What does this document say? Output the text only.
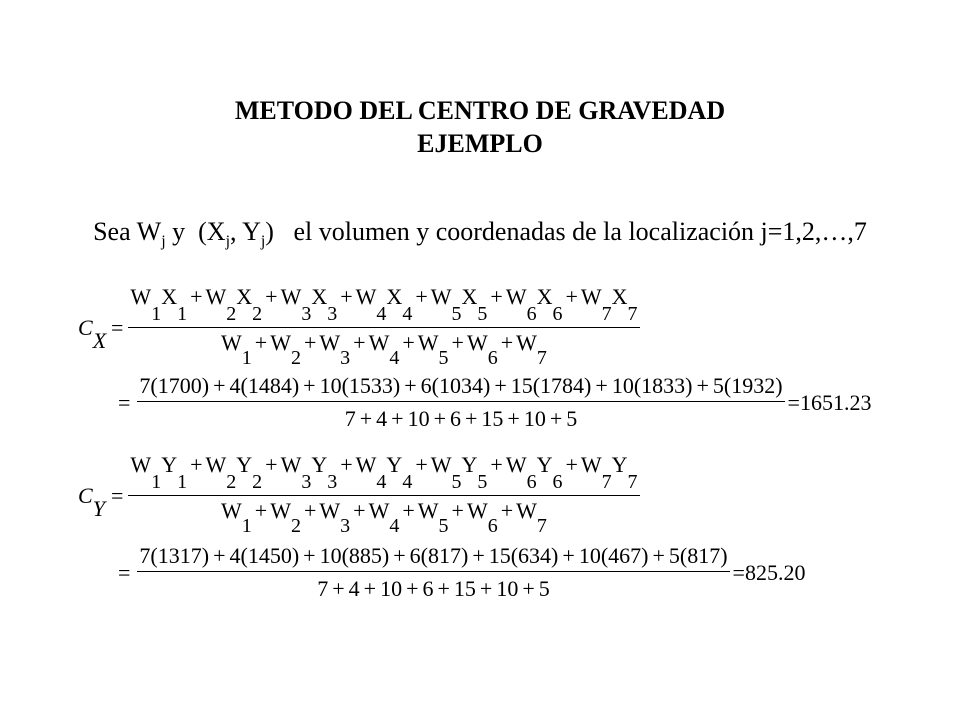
METODO DEL CENTRO DE GRAVEDAD
EJEMPLO

Sea $W_j$ y  ($X_j$, $Y_j$)   el volumen y coordenadas de la localización j=1,2,…,7

CX
= $\frac{W1X1+ W2X2+ W3X3+ W4X4+ W5X5+ W6X6+ W7X7}{W1+ W2+ W3+ W4+ W5+ W6+ W7}$
= $\frac{7(1700) + 4(1484) + 10(1533) + 6(1034) + 15(1784) + 10(1833) + 5(1932)}{7 + 4 + 10 + 6 + 15 + 10 + 5} = 1651.23$
CY
= $\frac{W1Y1+ W2Y2+ W3Y3+ W4Y4+ W5Y5+ W6Y6+ W7Y7}{W1+ W2+ W3+ W4+ W5+ W6+ W7}$
= $\frac{7(1317) + 4(1450) + 10(885) + 6(817) + 15(634) + 10(467) + 5(817)}{7 + 4 + 10 + 6 + 15 + 10 + 5} = 825.20$
